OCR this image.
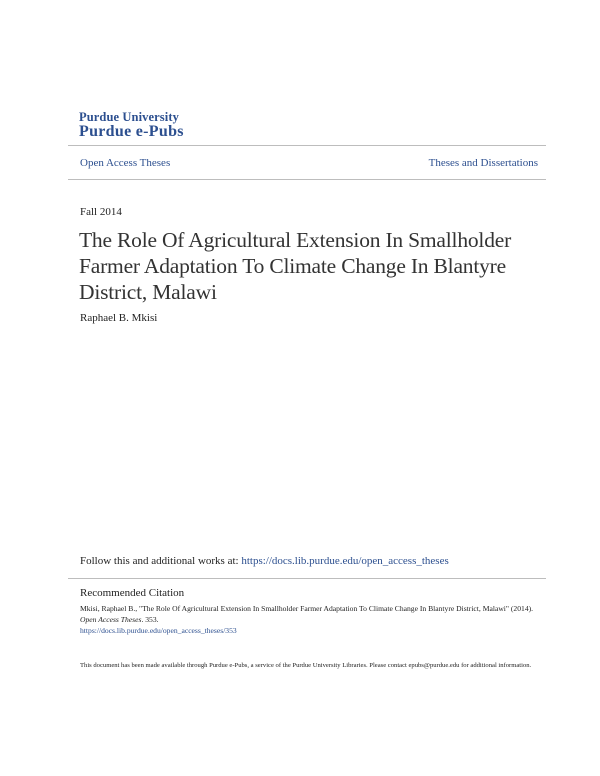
Purdue University
Purdue e-Pubs
Open Access Theses	Theses and Dissertations
Fall 2014
The Role Of Agricultural Extension In Smallholder Farmer Adaptation To Climate Change In Blantyre District, Malawi
Raphael B. Mkisi
Follow this and additional works at: https://docs.lib.purdue.edu/open_access_theses
Recommended Citation
Mkisi, Raphael B., "The Role Of Agricultural Extension In Smallholder Farmer Adaptation To Climate Change In Blantyre District, Malawi" (2014). Open Access Theses. 353.
https://docs.lib.purdue.edu/open_access_theses/353
This document has been made available through Purdue e-Pubs, a service of the Purdue University Libraries. Please contact epubs@purdue.edu for additional information.
